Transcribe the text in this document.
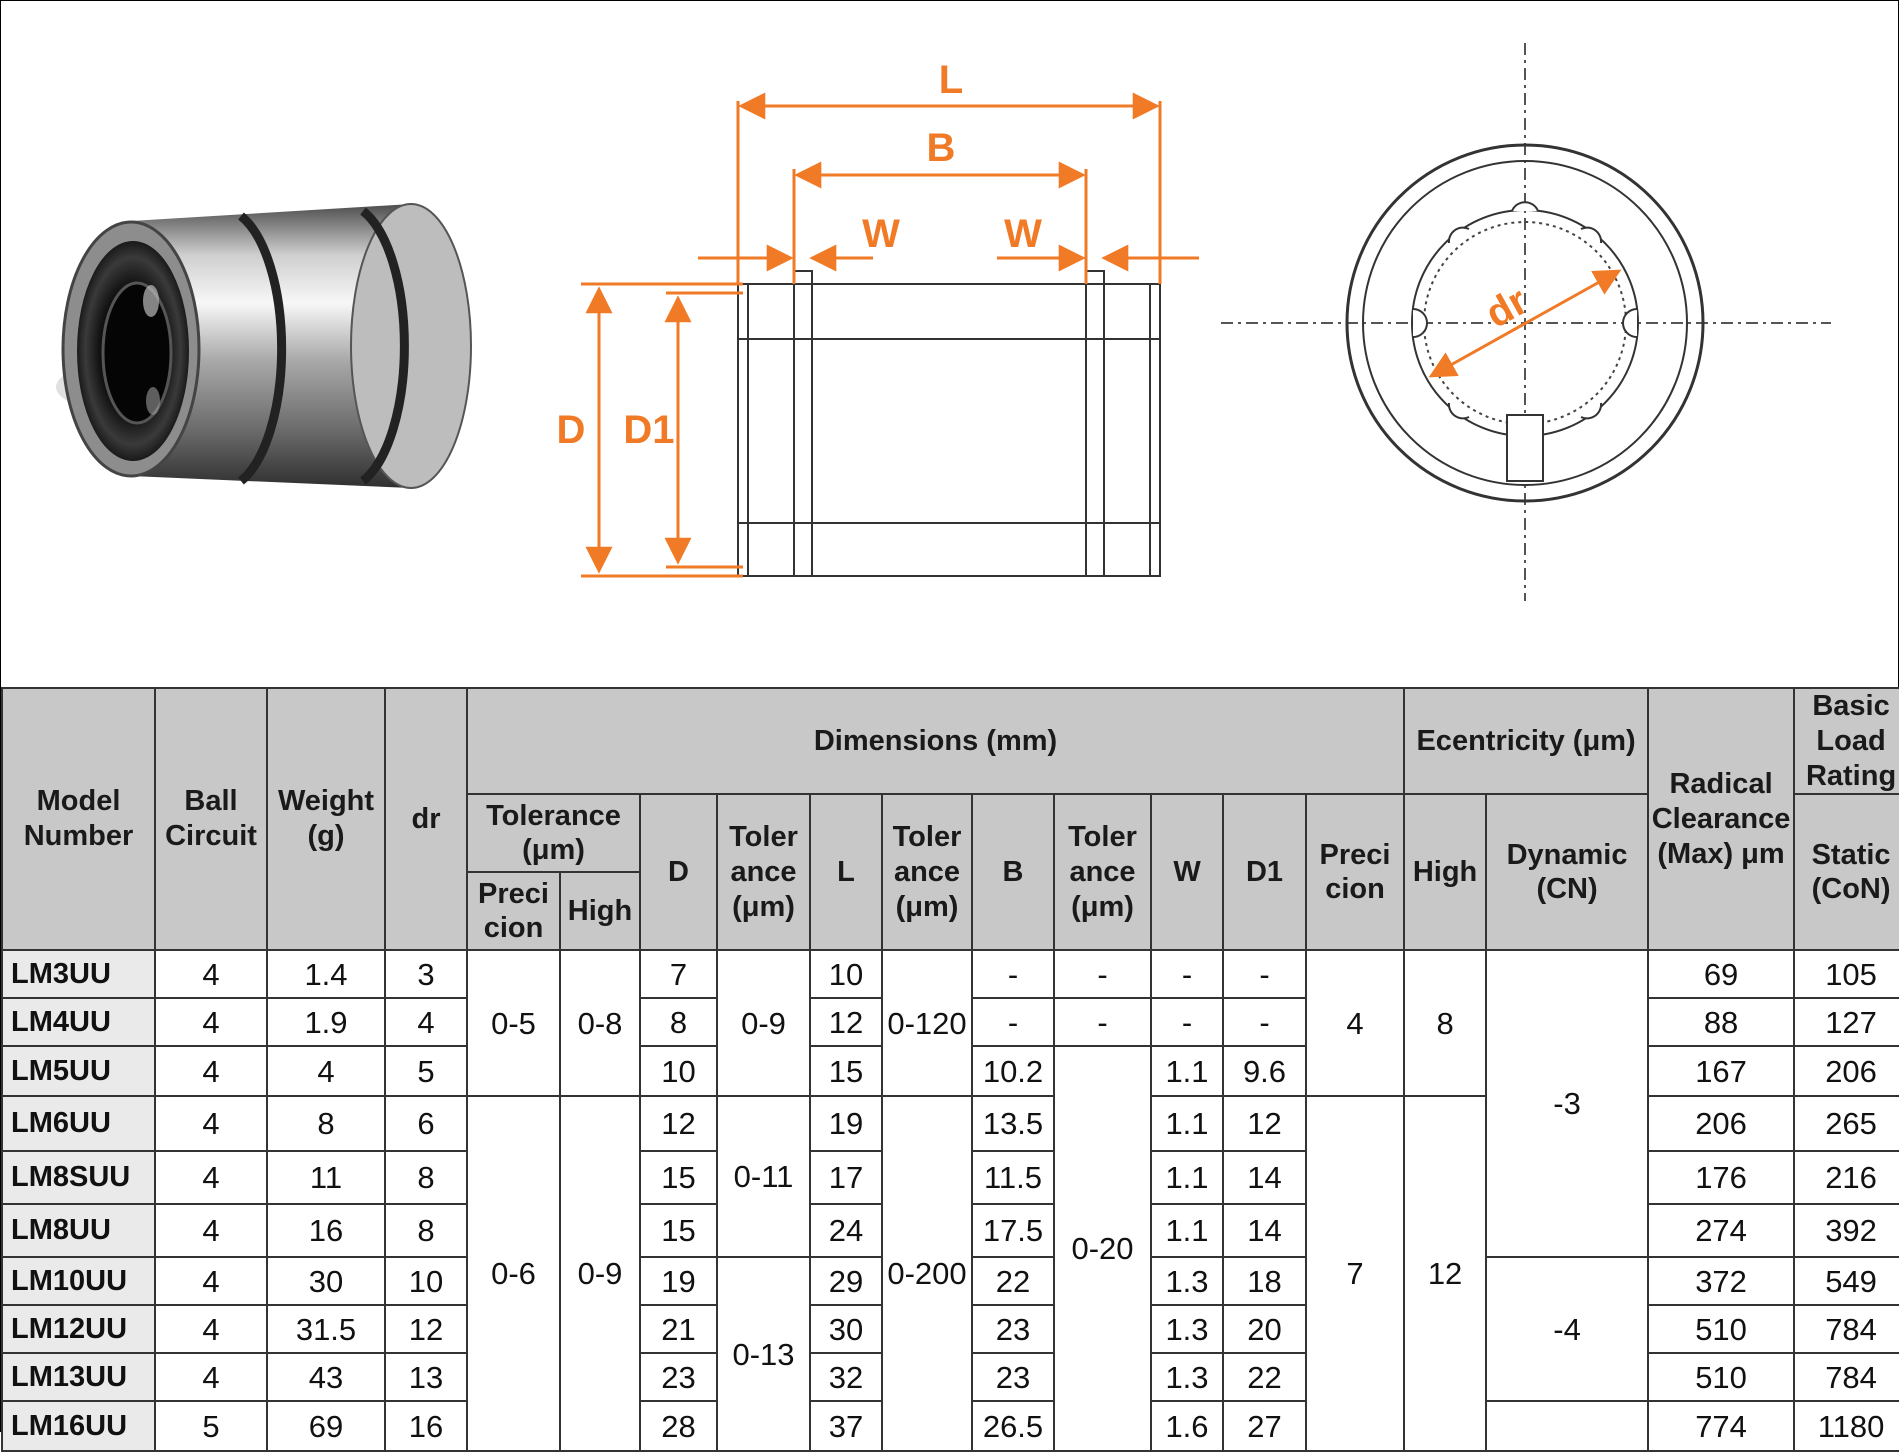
L
B
W	W
D D1
dr
Model Number	Ball Circuit	Weight (g)	dr	Dimensions (mm)											Ecentricity (μm)		Radical Clearance (Max) μm	Basic Load Rating
				Tolerance (μm)		D	Toler ance (μm)	L	Toler ance (μm)	B	Toler ance (μm)	W	D1	Preci cion	High	Dynamic (CN)		Static (CoN)
				Preci cion	High													
LM3UU	4	1.4	3	0-5	0-8	7	0-9	10	0-120	-	-	-	-	4	8	-3	69	105
LM4UU	4	1.9	4			8		12		-	-	-	-				88	127
LM5UU	4	4	5			10		15		10.2	0-20	1.1	9.6				167	206
LM6UU	4	8	6	0-6	0-9	12	0-11	19	0-200	13.5		1.1	12	7	12		206	265
LM8SUU	4	11	8			15		17		11.5		1.1	14				176	216
LM8UU	4	16	8			15		24		17.5		1.1	14				274	392
LM10UU	4	30	10			19	0-13	29		22		1.3	18			-4	372	549
LM12UU	4	31.5	12			21		30		23		1.3	20				510	784
LM13UU	4	43	13			23		32		23		1.3	22				510	784
LM16UU	5	69	16			28		37		26.5		1.6	27				774	1180
